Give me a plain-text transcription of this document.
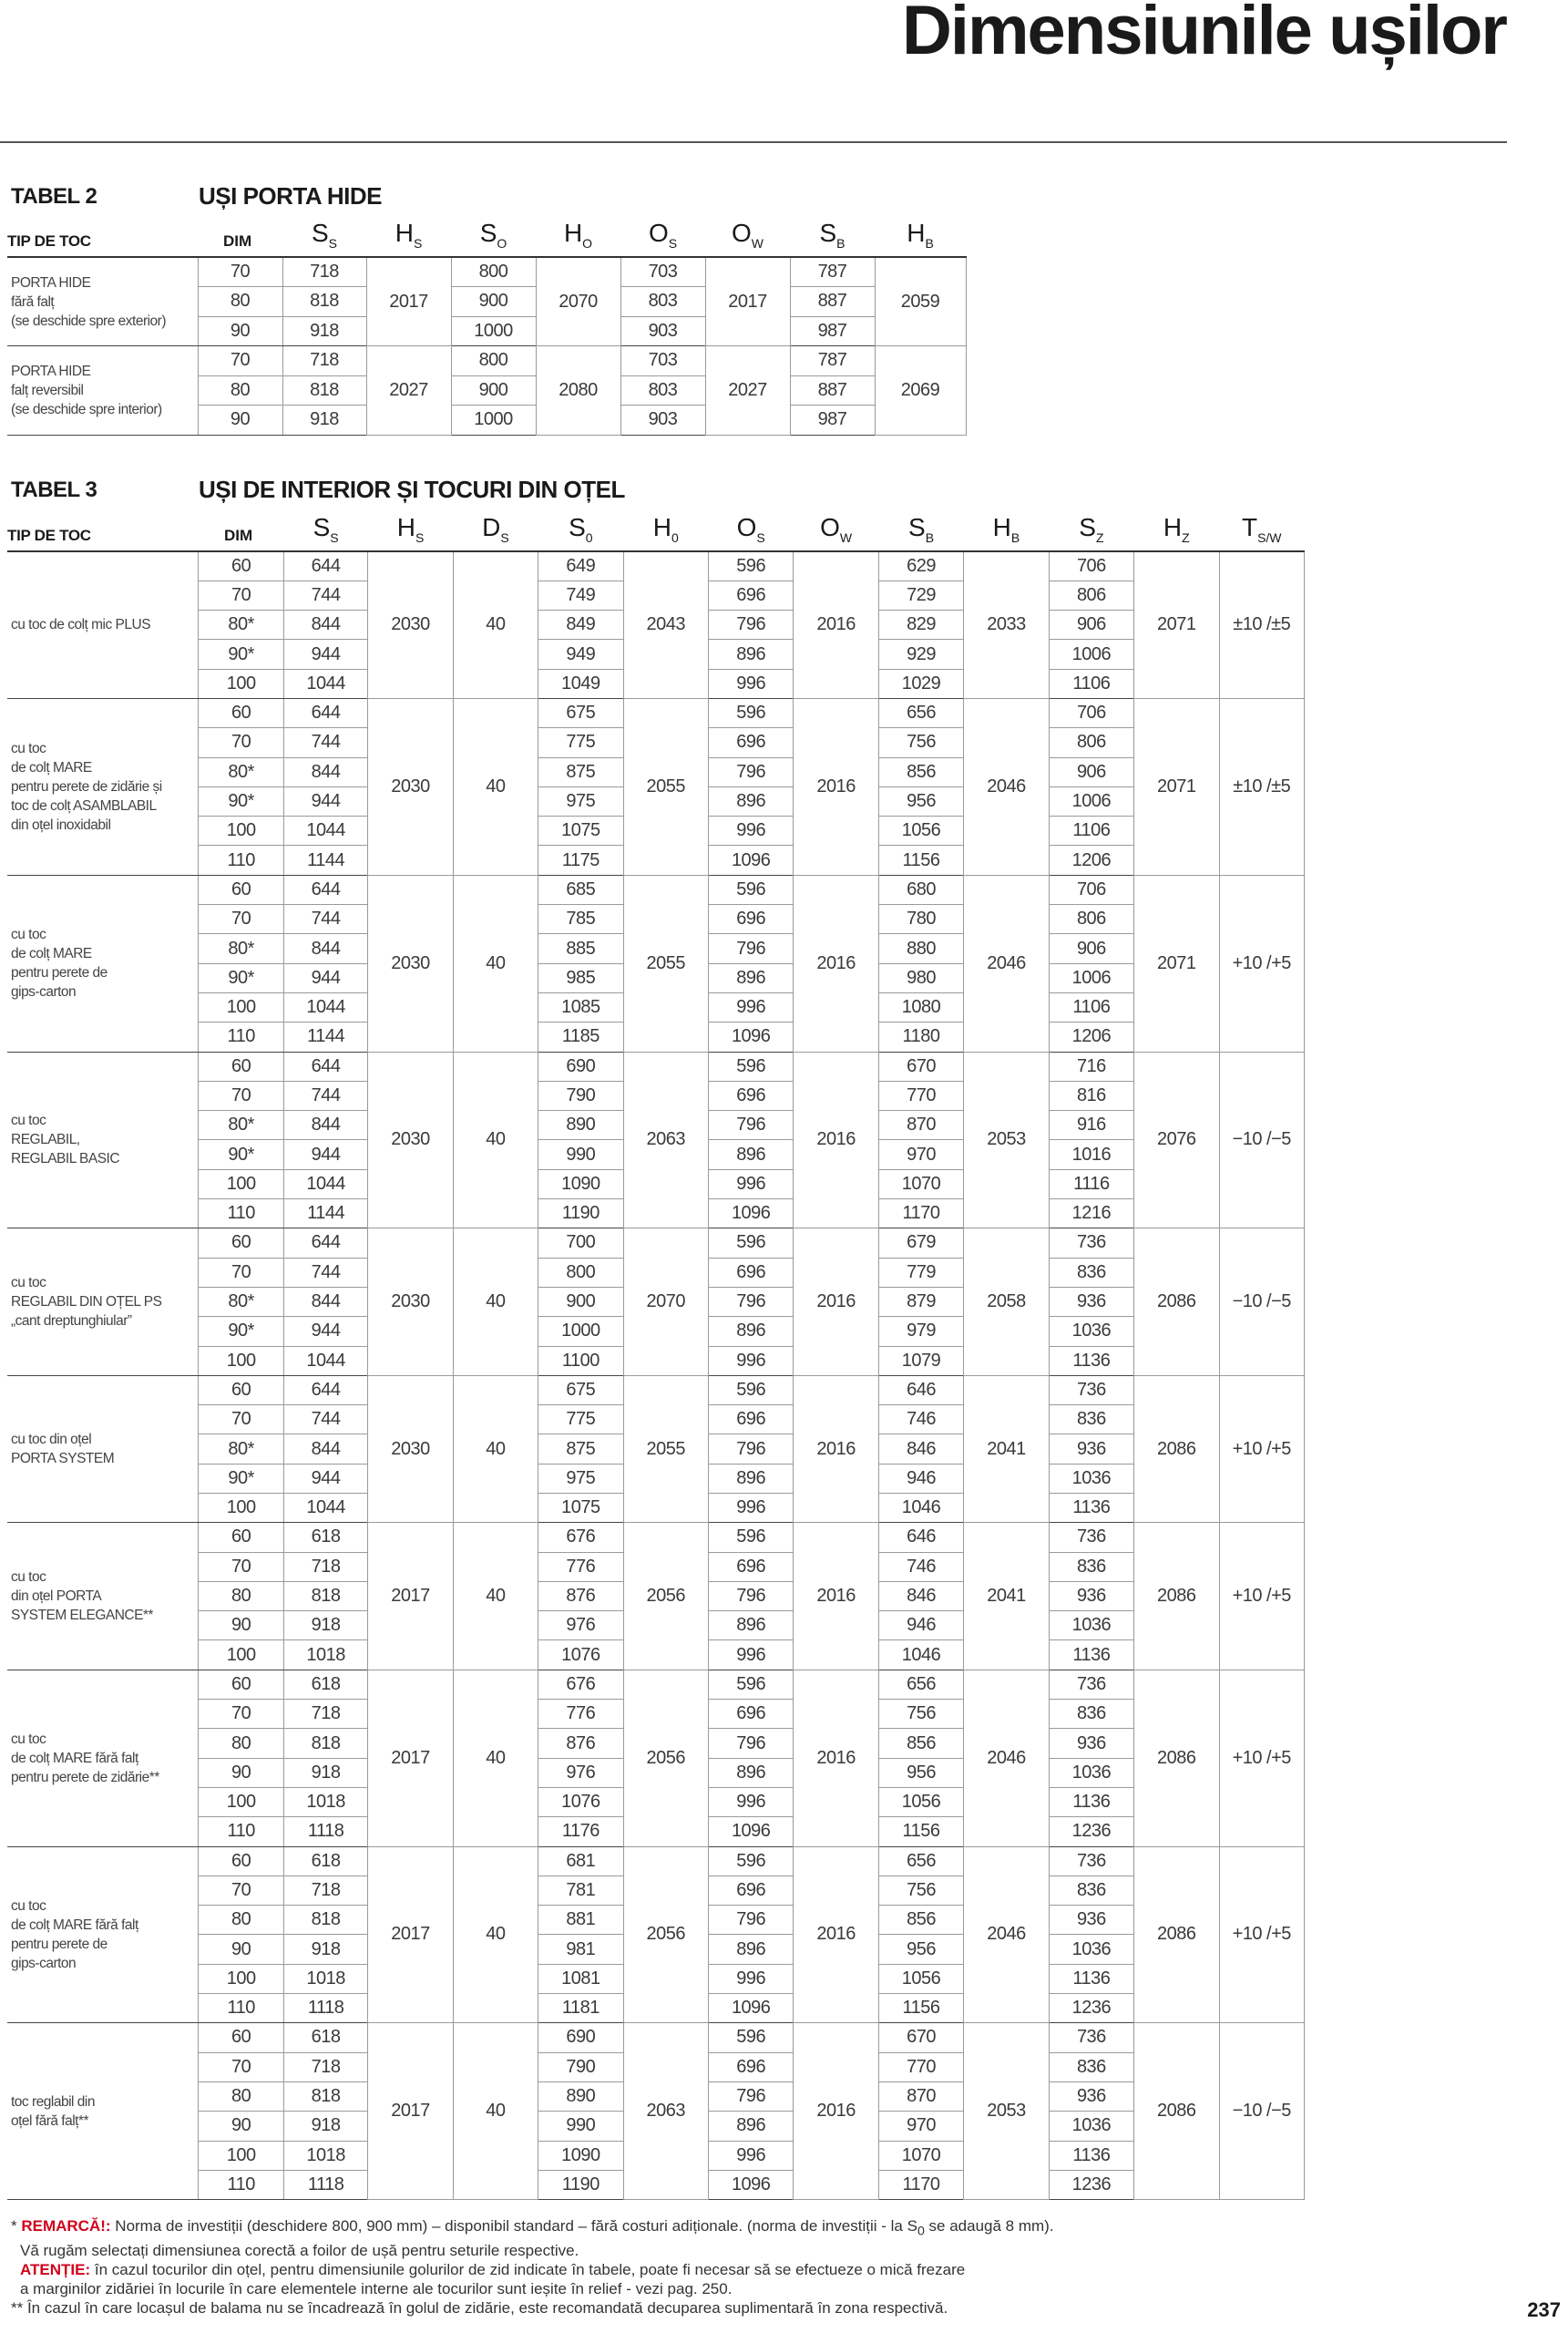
Dimensiunile ușilor
TABEL 2	UȘI PORTA HIDE
TIP DE TOC	DIM	$S_S$	$H_S$	$S_O$	$H_O$	$O_S$	$O_W$	$S_B$	$H_B$
PORTA HIDE
fără falț
(se deschide spre exterior)	70	718	2017	800	2070	703	2017	787	2059
	80	818		900		803		887	
	90	918		1000		903		987	
PORTA HIDE
falț reversibil
(se deschide spre interior)	70	718	2027	800	2080	703	2027	787	2069
	80	818		900		803		887	
	90	918		1000		903		987	
TABEL 3	UȘI DE INTERIOR ȘI TOCURI DIN OȚEL
TIP DE TOC	DIM	$S_S$	$H_S$	$D_S$	$S_0$	$H_0$	$O_S$	$O_W$	$S_B$	$H_B$	$S_Z$	$H_Z$	$T_{S/W}$
cu toc de colț mic PLUS	60	644	2030	40	649	2043	596	2016	629	2033	706	2071	±10 /±5
	70	744			749		696		729		806		
	80*	844			849		796		829		906		
	90*	944			949		896		929		1006		
	100	1044			1049		996		1029		1106		
cu toc
de colț MARE
pentru perete de zidărie și
toc de colț ASAMBLABIL
din oțel inoxidabil	60	644	2030	40	675	2055	596	2016	656	2046	706	2071	±10 /±5
	70	744			775		696		756		806		
	80*	844			875		796		856		906		
	90*	944			975		896		956		1006		
	100	1044			1075		996		1056		1106		
	110	1144			1175		1096		1156		1206		
cu toc
de colț MARE
pentru perete de
gips-carton	60	644	2030	40	685	2055	596	2016	680	2046	706	2071	+10 /+5
	70	744			785		696		780		806		
	80*	844			885		796		880		906		
	90*	944			985		896		980		1006		
	100	1044			1085		996		1080		1106		
	110	1144			1185		1096		1180		1206		
cu toc
REGLABIL,
REGLABIL BASIC	60	644	2030	40	690	2063	596	2016	670	2053	716	2076	−10 /−5
	70	744			790		696		770		816		
	80*	844			890		796		870		916		
	90*	944			990		896		970		1016		
	100	1044			1090		996		1070		1116		
	110	1144			1190		1096		1170		1216		
cu toc
REGLABIL DIN OȚEL PS
„cant dreptunghiular”	60	644	2030	40	700	2070	596	2016	679	2058	736	2086	−10 /−5
	70	744			800		696		779		836		
	80*	844			900		796		879		936		
	90*	944			1000		896		979		1036		
	100	1044			1100		996		1079		1136		
cu toc din oțel
PORTA SYSTEM	60	644	2030	40	675	2055	596	2016	646	2041	736	2086	+10 /+5
	70	744			775		696		746		836		
	80*	844			875		796		846		936		
	90*	944			975		896		946		1036		
	100	1044			1075		996		1046		1136		
cu toc
din oțel PORTA
SYSTEM ELEGANCE**	60	618	2017	40	676	2056	596	2016	646	2041	736	2086	+10 /+5
	70	718			776		696		746		836		
	80	818			876		796		846		936		
	90	918			976		896		946		1036		
	100	1018			1076		996		1046		1136		
cu toc
de colț MARE fără falț
pentru perete de zidărie**	60	618	2017	40	676	2056	596	2016	656	2046	736	2086	+10 /+5
	70	718			776		696		756		836		
	80	818			876		796		856		936		
	90	918			976		896		956		1036		
	100	1018			1076		996		1056		1136		
	110	1118			1176		1096		1156		1236		
cu toc
de colț MARE fără falț
pentru perete de
gips-carton	60	618	2017	40	681	2056	596	2016	656	2046	736	2086	+10 /+5
	70	718			781		696		756		836		
	80	818			881		796		856		936		
	90	918			981		896		956		1036		
	100	1018			1081		996		1056		1136		
	110	1118			1181		1096		1156		1236		
toc reglabil din
oțel fără falț**	60	618	2017	40	690	2063	596	2016	670	2053	736	2086	−10 /−5
	70	718			790		696		770		836		
	80	818			890		796		870		936		
	90	918			990		896		970		1036		
	100	1018			1090		996		1070		1136		
	110	1118			1190		1096		1170		1236		
* REMARCĂ!: Norma de investiții (deschidere 800, 900 mm) – disponibil standard – fără costuri adiționale. (norma de investiții - la $S_0$ se adaugă 8 mm).
Vă rugăm selectați dimensiunea corectă a foilor de ușă pentru seturile respective.
ATENȚIE: în cazul tocurilor din oțel, pentru dimensiunile golurilor de zid indicate în tabele, poate fi necesar să se efectueze o mică frezare
a marginilor zidăriei în locurile în care elementele interne ale tocurilor sunt ieșite în relief - vezi pag. 250.
** În cazul în care locașul de balama nu se încadrează în golul de zidărie, este recomandată decuparea suplimentară în zona respectivă.	237
